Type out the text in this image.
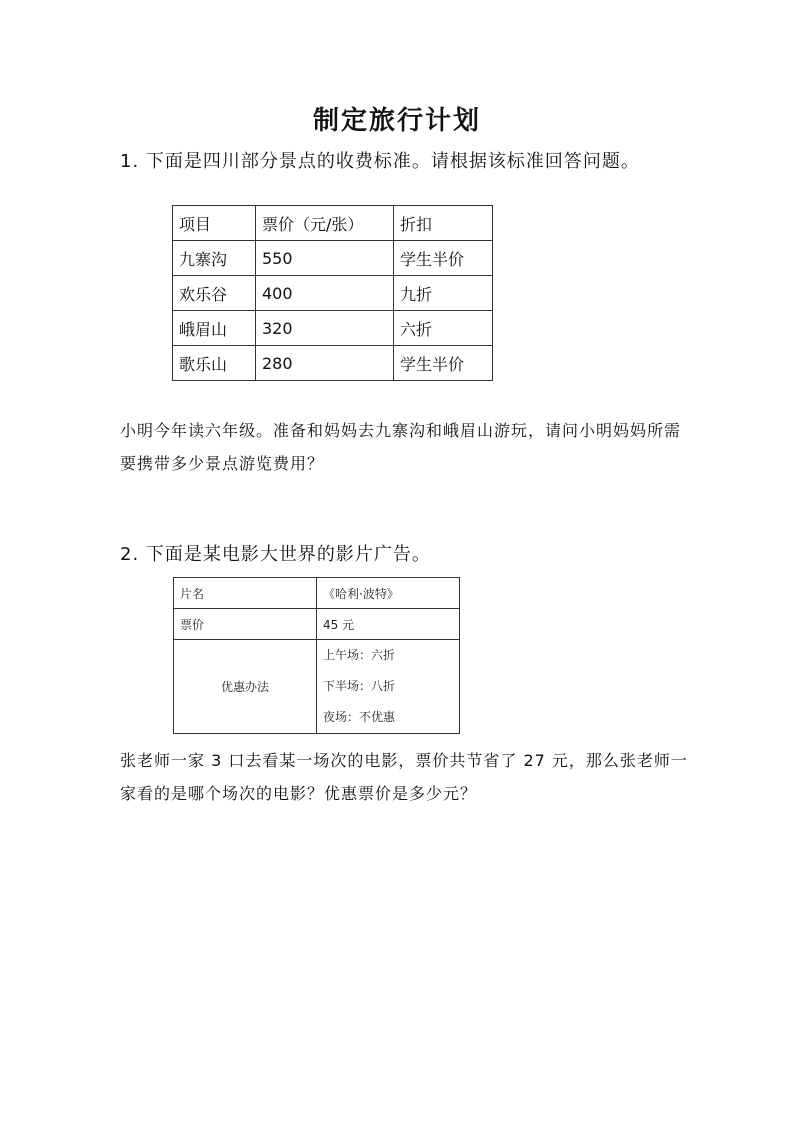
制定旅行计划
1. 下面是四川部分景点的收费标准。请根据该标准回答问题。
项目	票价（元/张）	折扣
九寨沟	550	学生半价
欢乐谷	400	九折
峨眉山	320	六折
歌乐山	280	学生半价
小明今年读六年级。准备和妈妈去九寨沟和峨眉山游玩，请问小明妈妈所需要携带多少景点游览费用？
2. 下面是某电影大世界的影片广告。
片名	《哈利·波特》
票价	45 元
优惠办法	上午场：六折
下半场：八折
夜场：不优惠
张老师一家 3 口去看某一场次的电影，票价共节省了 27 元，那么张老师一家看的是哪个场次的电影？优惠票价是多少元？
